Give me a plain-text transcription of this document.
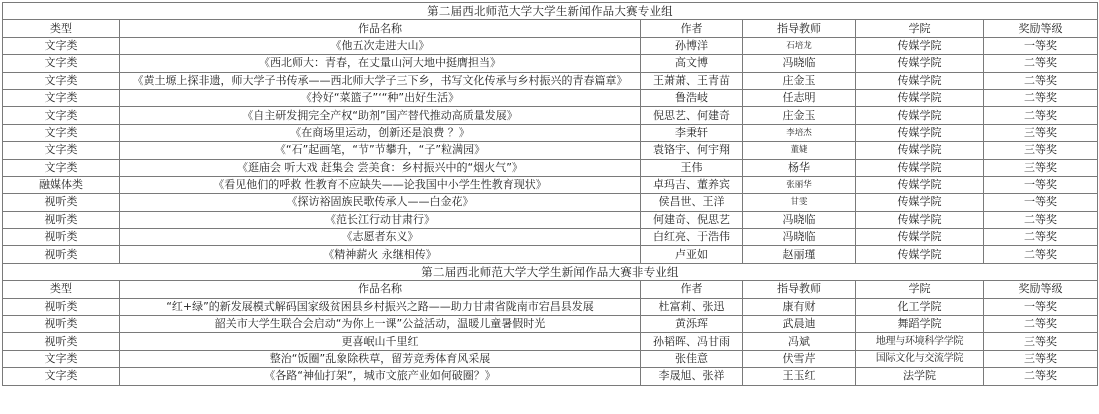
第二届西北师范大学大学生新闻作品大赛专业组					
类型	作品名称	作者	指导教师	学院	奖励等级
文字类	《他五次走进大山》	孙博洋	石培龙	传媒学院	一等奖
文字类	《西北师大：青春，在丈量山河大地中挺膺担当》	高文博	冯晓临	传媒学院	二等奖
文字类	《黄土塬上探非遗，师大学子书传承——西北师大学子三下乡，书写文化传承与乡村振兴的青春篇章》	王萧萧、王青苗	庄金玉	传媒学院	二等奖
文字类	《拎好“菜篮子”‘“种”出好生活》	鲁浩岐	任志明	传媒学院	二等奖
文字类	《自主研发拥完全产权“助剂”国产替代推动高质量发展》	倪思艺、何建奇	庄金玉	传媒学院	二等奖
文字类	《在商场里运动，创新还是浪费 ？》	李秉轩	李培杰	传媒学院	三等奖
文字类	《“石”起画笔，“节”节攀升，“子”粒满园》	袁铬宇、何宇翔	董婕	传媒学院	三等奖
文字类	《逛庙会 听大戏 赶集会 尝美食：乡村振兴中的“烟火气”》	王伟	杨华	传媒学院	三等奖
融媒体类	《看见他们的呼救 性教育不应缺失——论我国中小学生性教育现状》	卓玛吉、董养宾	张丽华	传媒学院	一等奖
视听类	《探访裕固族民歌传承人——白金花》	侯昌世、王洋	甘雯	传媒学院	一等奖
视听类	《范长江行动甘肃行》	何建奇、倪思艺	冯晓临	传媒学院	二等奖
视听类	《志愿者东义》	白红亮、于浩伟	冯晓临	传媒学院	二等奖
视听类	《精神薪火 永继相传》	卢亚如	赵丽瑾	传媒学院	二等奖
第二届西北师范大学大学生新闻作品大赛非专业组					
类型	作品名称	作者	指导教师	学院	奖励等级
视听类	“红+绿”的新发展模式解码国家级贫困县乡村振兴之路——助力甘肃省陇南市宕昌县发展	杜富莉、张迅	康有财	化工学院	一等奖
视听类	韶关市大学生联合会启动“为你上一课”公益活动，温暖儿童暑假时光	黄泺珲	武晨迪	舞蹈学院	二等奖
视听类	更喜岷山千里红	孙韬晖、冯甘雨	冯斌	地理与环境科学学院	三等奖
文字类	整治“饭圈”乱象除秩草，留芳竞秀体育风采展	张佳意	伏雪芹	国际文化与交流学院	三等奖
文字类	《各路“神仙打架”，城市文旅产业如何破圈？》	李晟旭、张祥	王玉红	法学院	二等奖
